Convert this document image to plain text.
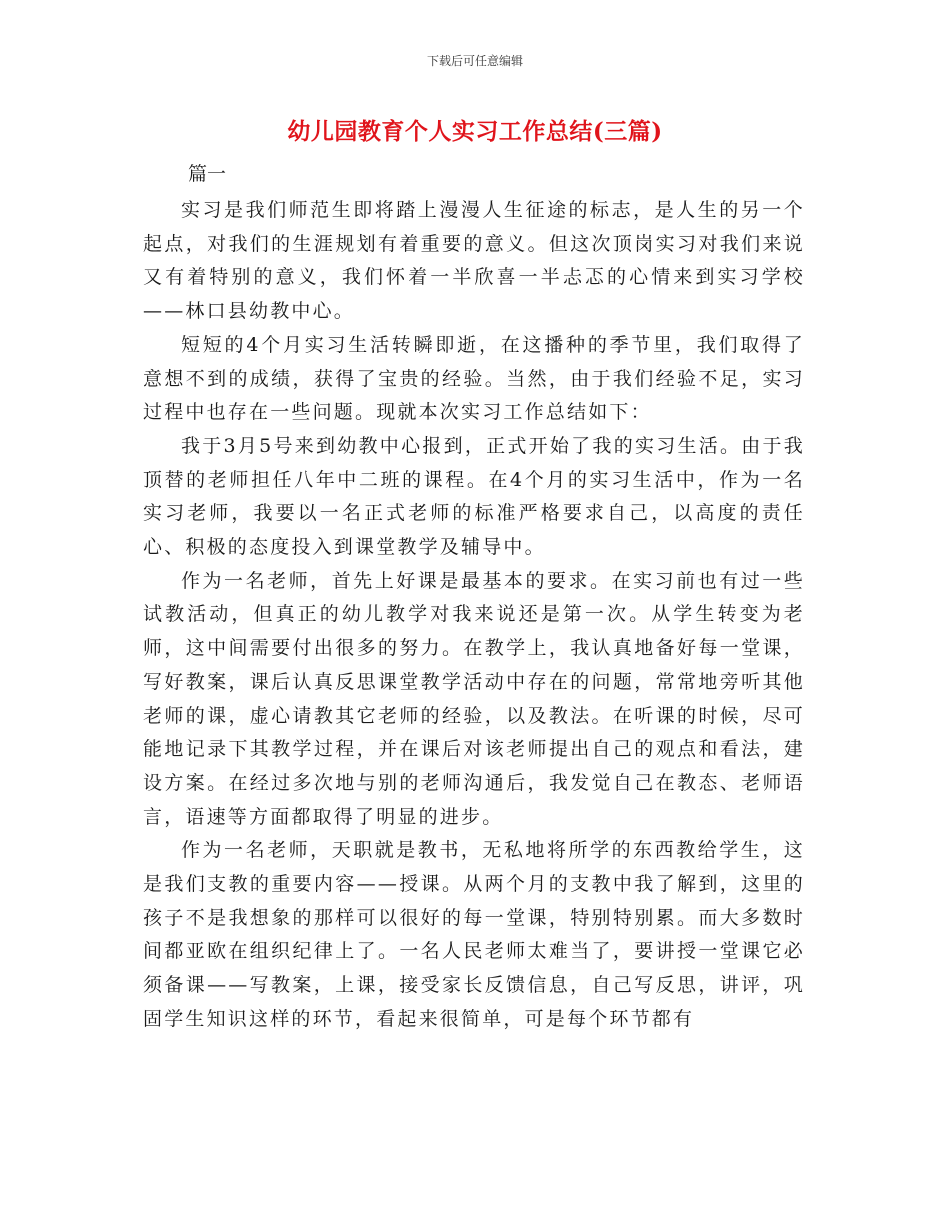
下载后可任意编辑
幼儿园教育个人实习工作总结(三篇)
篇一

实习是我们师范生即将踏上漫漫人生征途的标志，是人生的另一个起点，对我们的生涯规划有着重要的意义。但这次顶岗实习对我们来说又有着特别的意义，我们怀着一半欣喜一半忐忑的心情来到实习学校——林口县幼教中心。

短短的4个月实习生活转瞬即逝，在这播种的季节里，我们取得了意想不到的成绩，获得了宝贵的经验。当然，由于我们经验不足，实习过程中也存在一些问题。现就本次实习工作总结如下：

我于3月5号来到幼教中心报到，正式开始了我的实习生活。由于我顶替的老师担任八年中二班的课程。在4个月的实习生活中，作为一名实习老师，我要以一名正式老师的标准严格要求自己，以高度的责任心、积极的态度投入到课堂教学及辅导中。

作为一名老师，首先上好课是最基本的要求。在实习前也有过一些试教活动，但真正的幼儿教学对我来说还是第一次。从学生转变为老师，这中间需要付出很多的努力。在教学上，我认真地备好每一堂课，写好教案，课后认真反思课堂教学活动中存在的问题，常常地旁听其他老师的课，虚心请教其它老师的经验，以及教法。在听课的时候，尽可能地记录下其教学过程，并在课后对该老师提出自己的观点和看法，建设方案。在经过多次地与别的老师沟通后，我发觉自己在教态、老师语言，语速等方面都取得了明显的进步。

作为一名老师，天职就是教书，无私地将所学的东西教给学生，这是我们支教的重要内容——授课。从两个月的支教中我了解到，这里的孩子不是我想象的那样可以很好的每一堂课，特别特别累。而大多数时间都亚欧在组织纪律上了。一名人民老师太难当了，要讲授一堂课它必须备课——写教案，上课，接受家长反馈信息，自己写反思，讲评，巩固学生知识这样的环节，看起来很简单，可是每个环节都有
